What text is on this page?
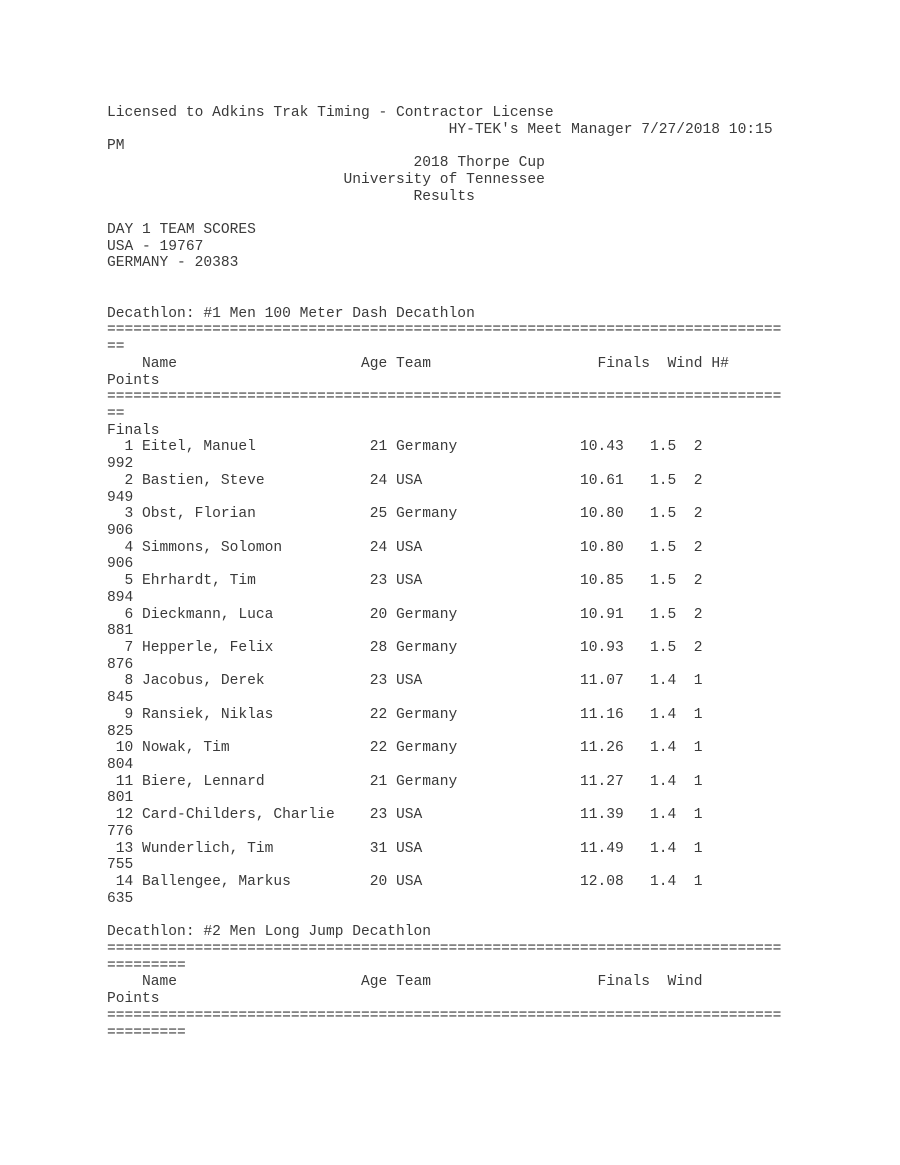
Licensed to Adkins Trak Timing - Contractor License
HY-TEK's Meet Manager 7/27/2018 10:15
PM
2018 Thorpe Cup
University of Tennessee
Results
DAY 1 TEAM SCORES
USA - 19767
GERMANY - 20383
Decathlon: #1 Men 100 Meter Dash Decathlon
=============================================================================
==
Name	Age Team	Finals Wind H#
Points
=============================================================================
==
Finals
1 Eitel, Manuel             21 Germany              10.43   1.5  2
992
2 Bastien, Steve            24 USA                  10.61   1.5  2
949
3 Obst, Florian             25 Germany              10.80   1.5  2
906
4 Simmons, Solomon          24 USA                  10.80   1.5  2
906
5 Ehrhardt, Tim             23 USA                  10.85   1.5  2
894
6 Dieckmann, Luca           20 Germany              10.91   1.5  2
881
7 Hepperle, Felix           28 Germany              10.93   1.5  2
876
8 Jacobus, Derek            23 USA                  11.07   1.4  1
845
9 Ransiek, Niklas           22 Germany              11.16   1.4  1
825
10 Nowak, Tim                22 Germany              11.26   1.4  1
804
11 Biere, Lennard            21 Germany              11.27   1.4  1
801
12 Card-Childers, Charlie    23 USA                  11.39   1.4  1
776
13 Wunderlich, Tim           31 USA                  11.49   1.4  1
755
14 Ballengee, Markus         20 USA                  12.08   1.4  1
635
Decathlon: #2 Men Long Jump Decathlon
=============================================================================
=========
Name	Age Team	Finals Wind
Points
=============================================================================
=========
